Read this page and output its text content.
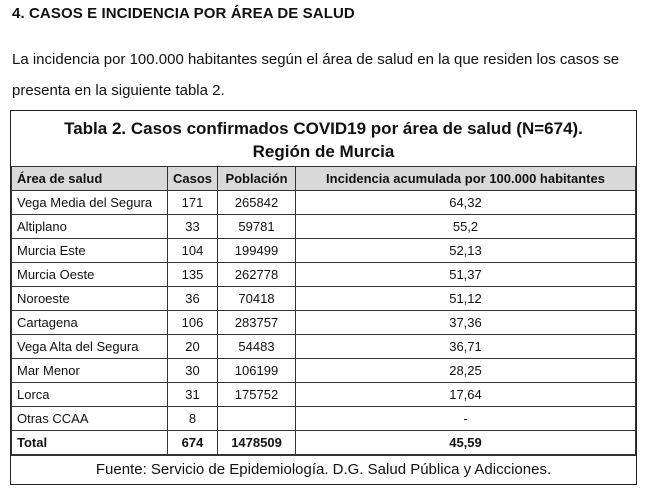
4. CASOS E INCIDENCIA POR ÁREA DE SALUD
La incidencia por 100.000 habitantes según el área de salud en la que residen los casos se presenta en la siguiente tabla 2.
Tabla 2. Casos confirmados COVID19 por área de salud (N=674).
Región de Murcia
Área de salud	Casos	Población	Incidencia acumulada por 100.000 habitantes
Vega Media del Segura	171	265842	64,32
Altiplano	33	59781	55,2
Murcia Este	104	199499	52,13
Murcia Oeste	135	262778	51,37
Noroeste	36	70418	51,12
Cartagena	106	283757	37,36
Vega Alta del Segura	20	54483	36,71
Mar Menor	30	106199	28,25
Lorca	31	175752	17,64
Otras CCAA	8		-
Total	674	1478509	45,59
Fuente: Servicio de Epidemiología. D.G. Salud Pública y Adicciones.
